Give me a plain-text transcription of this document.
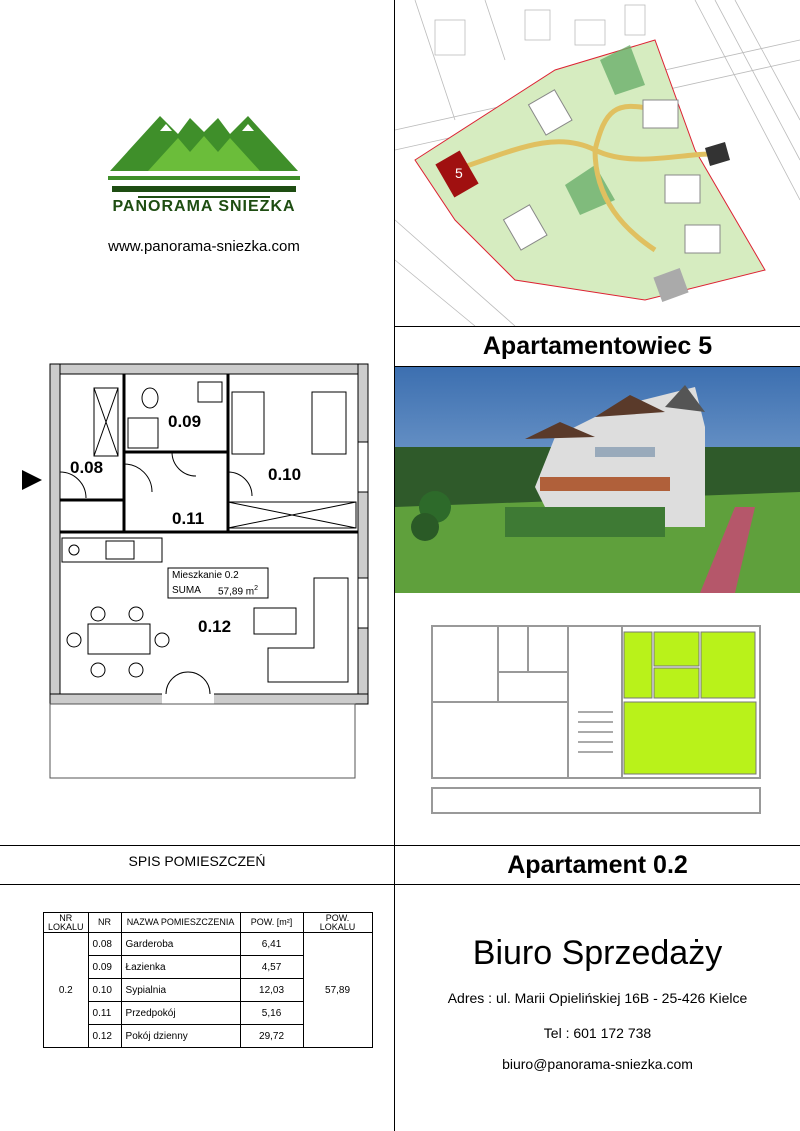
PANORAMA SNIEZKA
www.panorama-sniezka.com
5
Apartamentowiec 5
Apartament 0.2
0.08
0.09
0.10
0.11
0.12
Mieszkanie 0.2
SUMA 57,89 $m^2$
SPIS POMIESZCZEŃ
NR LOKALU	NR	NAZWA POMIESZCZENIA	POW. [m²]	POW. LOKALU
0.2	0.08	Garderoba	6,41	57,89
	0.09	Łazienka	4,57	
	0.10	Sypialnia	12,03	
	0.11	Przedpokój	5,16	
	0.12	Pokój dzienny	29,72	
Biuro Sprzedaży
Adres : ul. Marii Opielińskiej 16B - 25-426 Kielce
Tel : 601 172 738
biuro@panorama-sniezka.com
